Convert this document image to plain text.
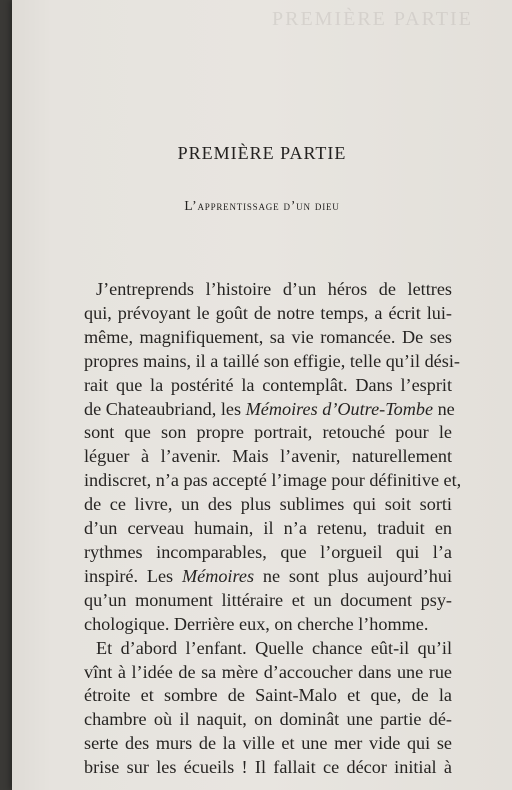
PREMIÈRE PARTIE
PREMIÈRE PARTIE
L’apprentissage d’un dieu
J’entreprends l’histoire d’un héros de lettres
qui, prévoyant le goût de notre temps, a écrit lui-
même, magnifiquement, sa vie romancée. De ses
propres mains, il a taillé son effigie, telle qu’il dési-
rait que la postérité la contemplât. Dans l’esprit
de Chateaubriand, les Mémoires d’Outre-Tombe ne
sont que son propre portrait, retouché pour le
léguer à l’avenir. Mais l’avenir, naturellement
indiscret, n’a pas accepté l’image pour définitive et,
de ce livre, un des plus sublimes qui soit sorti
d’un cerveau humain, il n’a retenu, traduit en
rythmes incomparables, que l’orgueil qui l’a
inspiré. Les Mémoires ne sont plus aujourd’hui
qu’un monument littéraire et un document psy-
chologique. Derrière eux, on cherche l’homme.
Et d’abord l’enfant. Quelle chance eût-il qu’il
vînt à l’idée de sa mère d’accoucher dans une rue
étroite et sombre de Saint-Malo et que, de la
chambre où il naquit, on dominât une partie dé-
serte des murs de la ville et une mer vide qui se
brise sur les écueils ! Il fallait ce décor initial à
